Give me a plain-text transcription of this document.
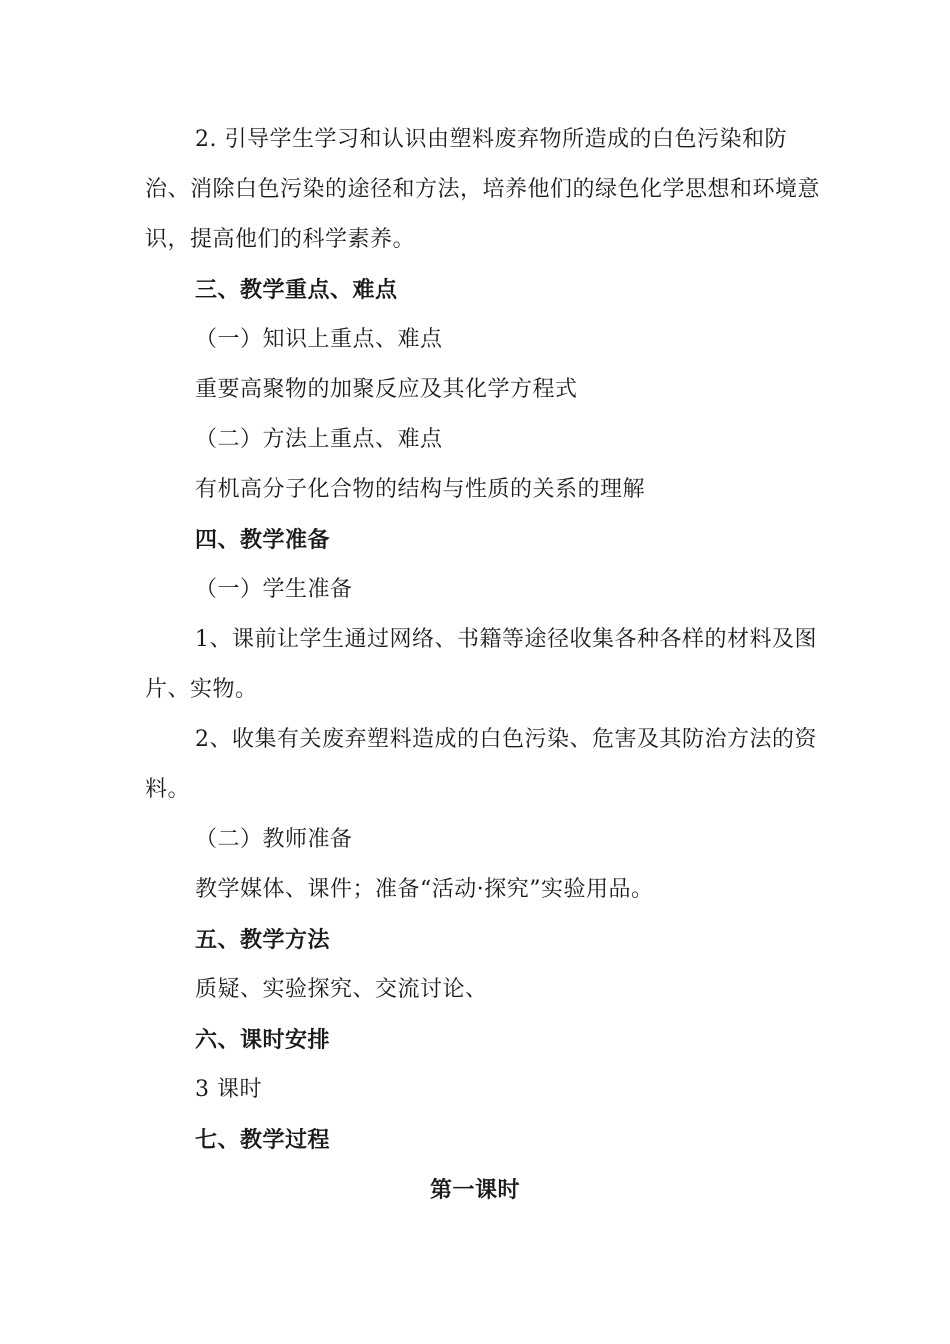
2. 引导学生学习和认识由塑料废弃物所造成的白色污染和防
治、消除白色污染的途径和方法，培养他们的绿色化学思想和环境意
识，提高他们的科学素养。
三、教学重点、难点
（一）知识上重点、难点
重要高聚物的加聚反应及其化学方程式
（二）方法上重点、难点
有机高分子化合物的结构与性质的关系的理解
四、教学准备
（一）学生准备
1、课前让学生通过网络、书籍等途径收集各种各样的材料及图
片、实物。
2、收集有关废弃塑料造成的白色污染、危害及其防治方法的资
料。
（二）教师准备
教学媒体、课件；准备“活动·探究”实验用品。
五、教学方法
质疑、实验探究、交流讨论、
六、课时安排
3 课时
七、教学过程
第一课时
